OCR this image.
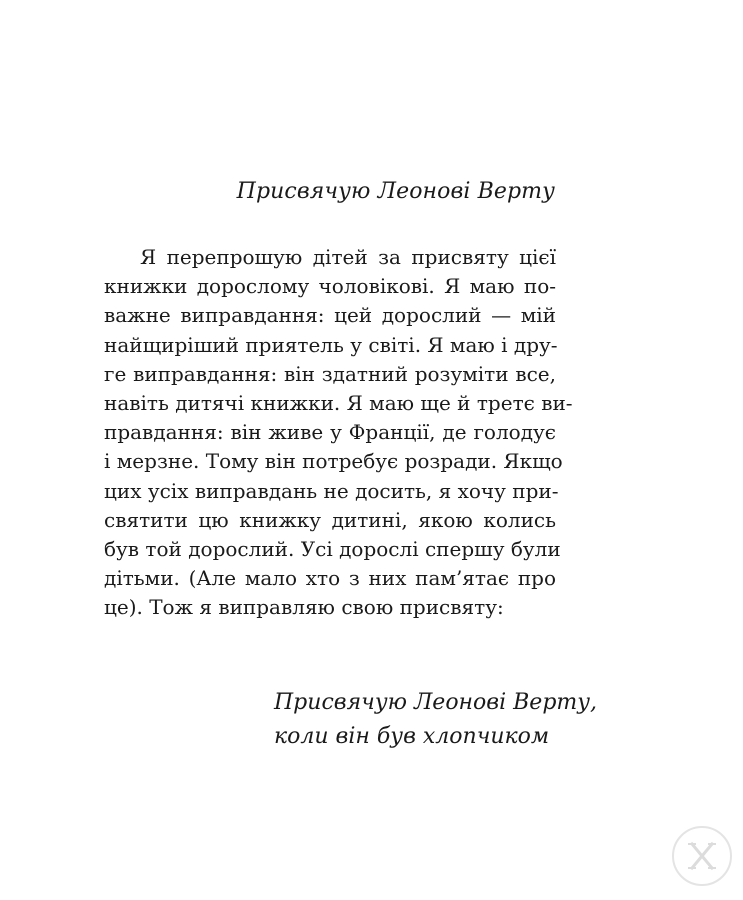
Присвячую Леонові Верту
Я перепрошую дітей за присвяту цієї
книжки дорослому чоловікові. Я маю по-
важне виправдання: цей дорослий — мій
найщиріший приятель у світі. Я маю і дру-
ге виправдання: він здатний розуміти все,
навіть дитячі книжки. Я маю ще й третє ви-
правдання: він живе у Франції, де голодує
і мерзне. Тому він потребує розради. Якщо
цих усіх виправдань не досить, я хочу при-
святити цю книжку дитині, якою колись
був той дорослий. Усі дорослі спершу були
дітьми. (Але мало хто з них пам’ятає про
це). Тож я виправляю свою присвяту:
Присвячую Леонові Верту,
коли він був хлопчиком
